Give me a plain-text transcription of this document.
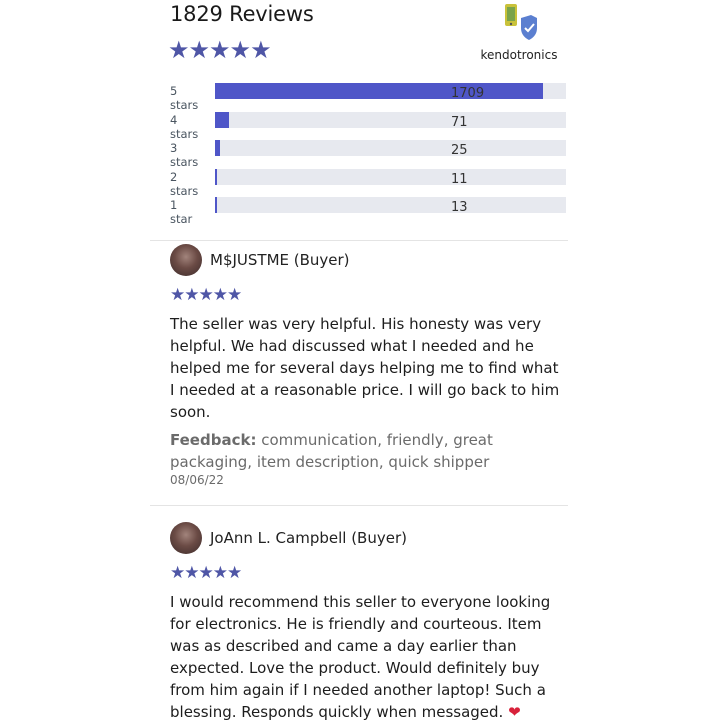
1829 Reviews
★★★★★	kendotronics
5 stars
1709
4 stars
71
3 stars
25
2 stars
11
1 star
13
M$JUSTME (Buyer)
★★★★★
The seller was very helpful. His honesty was very helpful. We had discussed what I needed and he helped me for several days helping me to find what I needed at a reasonable price. I will go back to him soon.
Feedback: communication, friendly, great packaging, item description, quick shipper
08/06/22
JoAnn L. Campbell (Buyer)
★★★★★
I would recommend this seller to everyone looking for electronics. He is friendly and courteous. Item was as described and came a day earlier than expected. Love the product. Would definitely buy from him again if I needed another laptop! Such a blessing. Responds quickly when messaged. ❤
